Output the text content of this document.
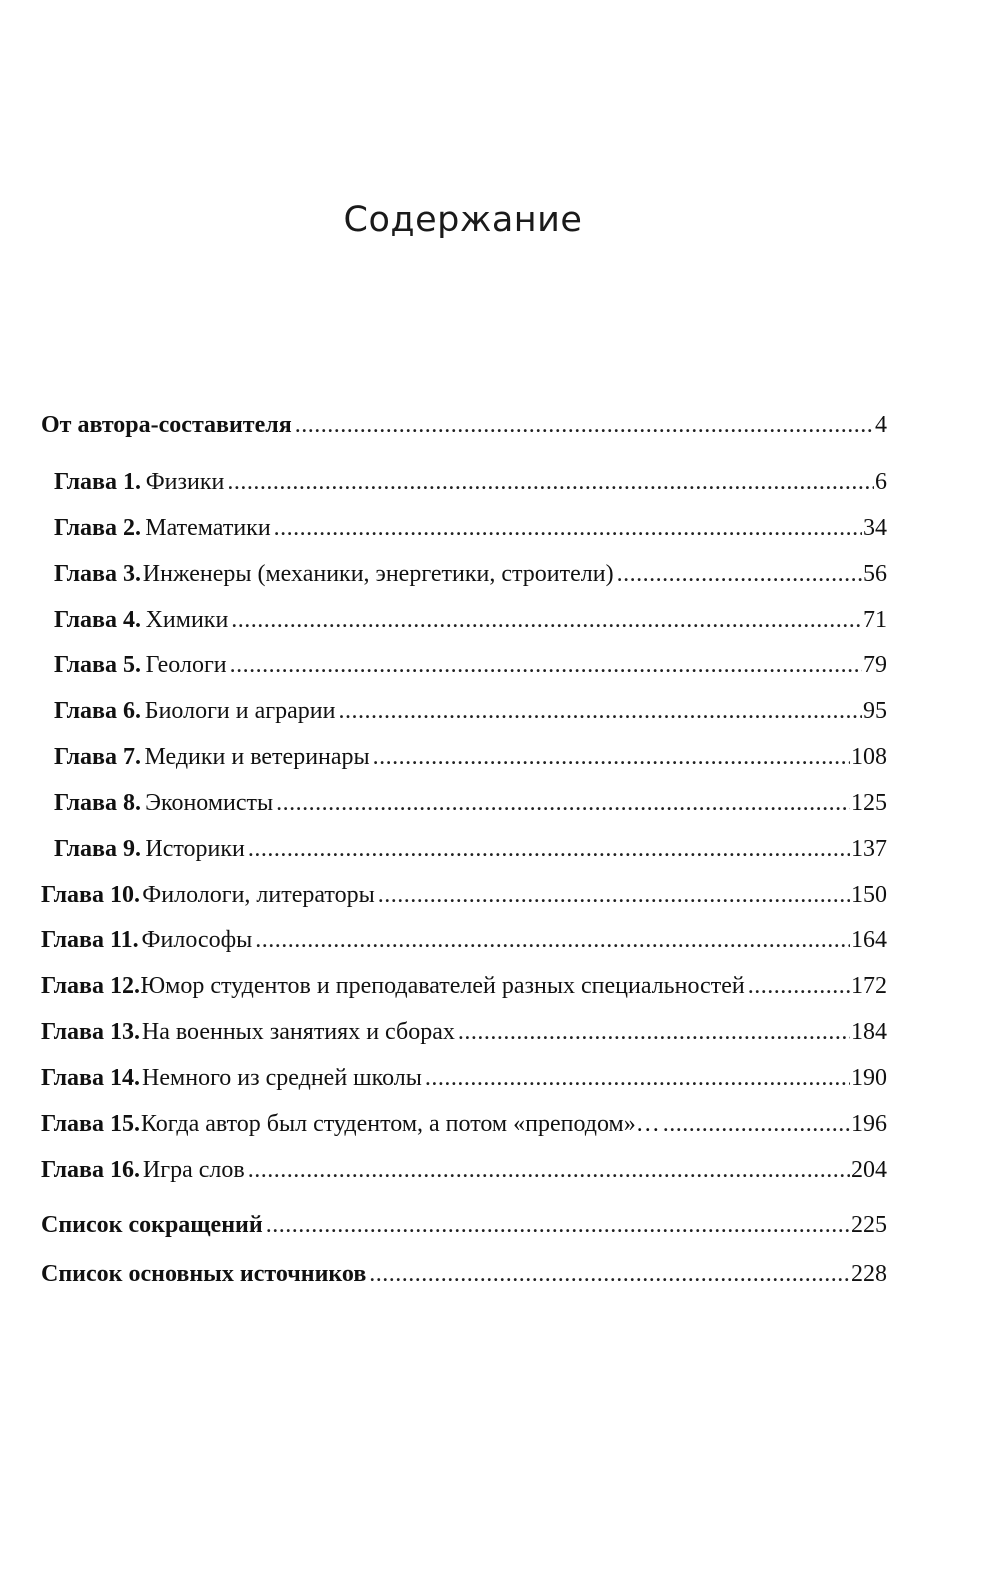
Содержание
От автора-составителя .....	4
Глава 1. Физики .....	6
Глава 2. Математики .....	34
Глава 3. Инженеры (механики, энергетики, строители) .....	56
Глава 4. Химики .....	71
Глава 5. Геологи .....	79
Глава 6. Биологи и аграрии .....	95
Глава 7. Медики и ветеринары .....	108
Глава 8. Экономисты .....	125
Глава 9. Историки .....	137
Глава 10. Филологи, литераторы .....	150
Глава 11. Философы .....	164
Глава 12. Юмор студентов и преподавателей разных специальностей .....	172
Глава 13. На военных занятиях и сборах .....	184
Глава 14. Немного из средней школы .....	190
Глава 15. Когда автор был студентом, а потом «преподом»… .....	196
Глава 16. Игра слов .....	204
Список сокращений .....	225
Список основных источников .....	228
